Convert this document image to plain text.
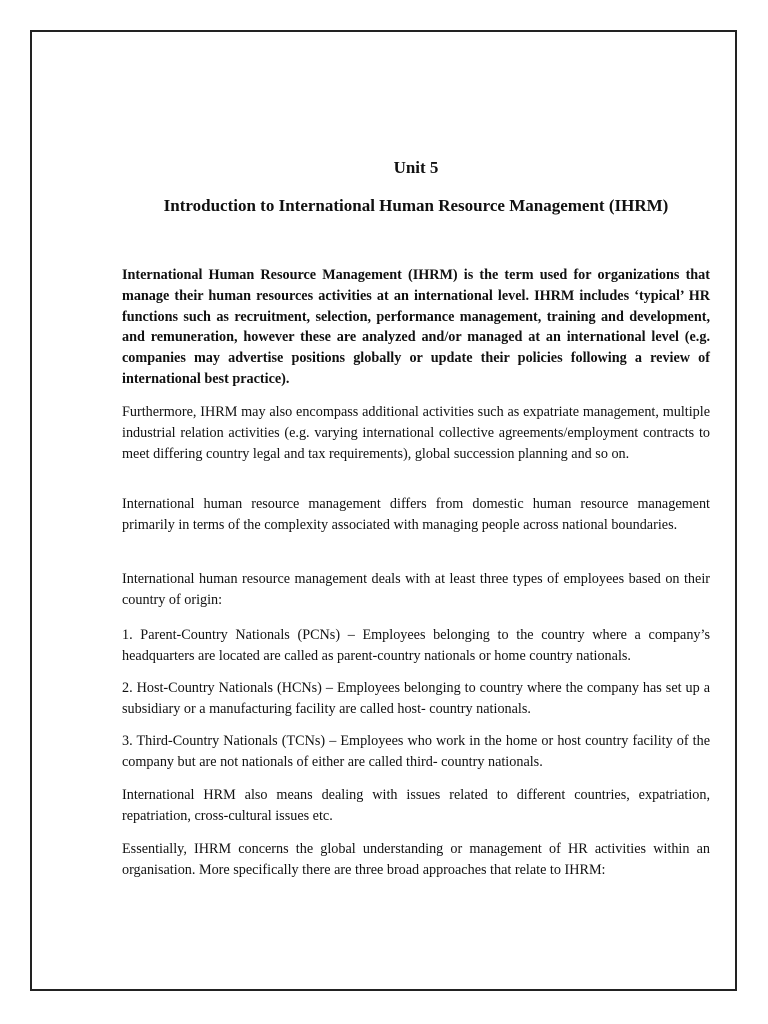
Unit 5
Introduction to International Human Resource Management (IHRM)

International Human Resource Management (IHRM) is the term used for organizations that manage their human resources activities at an international level. IHRM includes ‘typical’ HR functions such as recruitment, selection, performance management, training and development, and remuneration, however these are analyzed and/or managed at an international level (e.g. companies may advertise positions globally or update their policies following a review of international best practice).

Furthermore, IHRM may also encompass additional activities such as expatriate management, multiple industrial relation activities (e.g. varying international collective agreements/employment contracts to meet differing country legal and tax requirements), global succession planning and so on.

International human resource management differs from domestic human resource management primarily in terms of the complexity associated with managing people across national boundaries.

International human resource management deals with at least three types of employees based on their country of origin:

1. Parent-Country Nationals (PCNs) – Employees belonging to the country where a company’s headquarters are located are called as parent-country nationals or home country nationals.

2. Host-Country Nationals (HCNs) – Employees belonging to country where the company has set up a subsidiary or a manufacturing facility are called host- country nationals.

3. Third-Country Nationals (TCNs) – Employees who work in the home or host country facility of the company but are not nationals of either are called third- country nationals.

International HRM also means dealing with issues related to different countries, expatriation, repatriation, cross-cultural issues etc.

Essentially, IHRM concerns the global understanding or management of HR activities within an organisation. More specifically there are three broad approaches that relate to IHRM:
